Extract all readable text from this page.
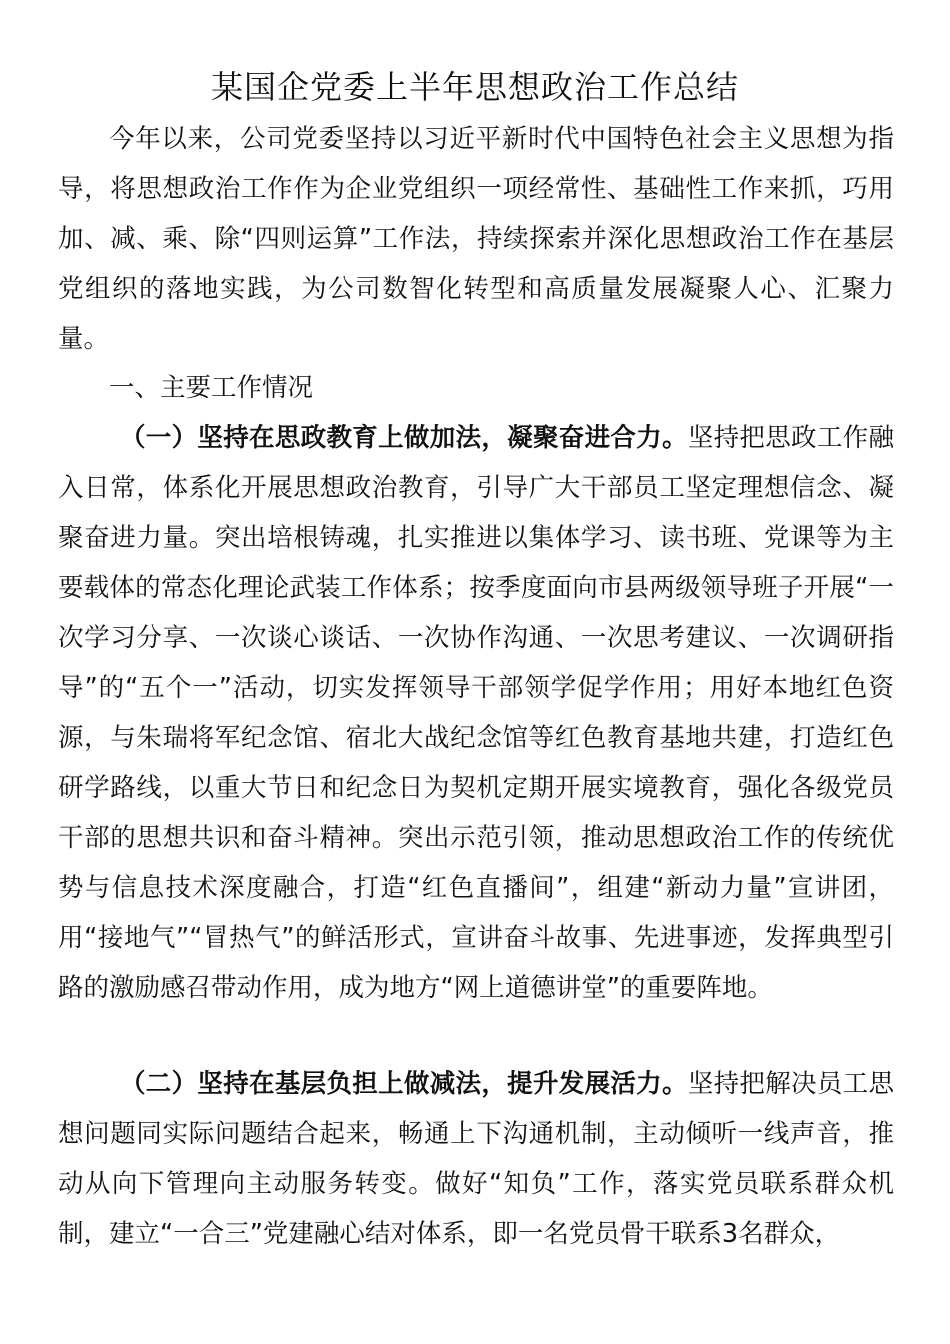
某国企党委上半年思想政治工作总结

今年以来，公司党委坚持以习近平新时代中国特色社会主义思想为指导，将思想政治工作作为企业党组织一项经常性、基础性工作来抓，巧用加、减、乘、除“四则运算”工作法，持续探索并深化思想政治工作在基层党组织的落地实践，为公司数智化转型和高质量发展凝聚人心、汇聚力量。

一、主要工作情况

（一）坚持在思政教育上做加法，凝聚奋进合力。坚持把思政工作融入日常，体系化开展思想政治教育，引导广大干部员工坚定理想信念、凝聚奋进力量。突出培根铸魂，扎实推进以集体学习、读书班、党课等为主要载体的常态化理论武装工作体系；按季度面向市县两级领导班子开展“一次学习分享、一次谈心谈话、一次协作沟通、一次思考建议、一次调研指导”的“五个一”活动，切实发挥领导干部领学促学作用；用好本地红色资源，与朱瑞将军纪念馆、宿北大战纪念馆等红色教育基地共建，打造红色研学路线，以重大节日和纪念日为契机定期开展实境教育，强化各级党员干部的思想共识和奋斗精神。突出示范引领，推动思想政治工作的传统优势与信息技术深度融合，打造“红色直播间”，组建“新动力量”宣讲团，用“接地气”“冒热气”的鲜活形式，宣讲奋斗故事、先进事迹，发挥典型引路的激励感召带动作用，成为地方“网上道德讲堂”的重要阵地。

（二）坚持在基层负担上做减法，提升发展活力。坚持把解决员工思想问题同实际问题结合起来，畅通上下沟通机制，主动倾听一线声音，推动从向下管理向主动服务转变。做好“知负”工作，落实党员联系群众机制，建立“一合三”党建融心结对体系，即一名党员骨干联系3名群众，
